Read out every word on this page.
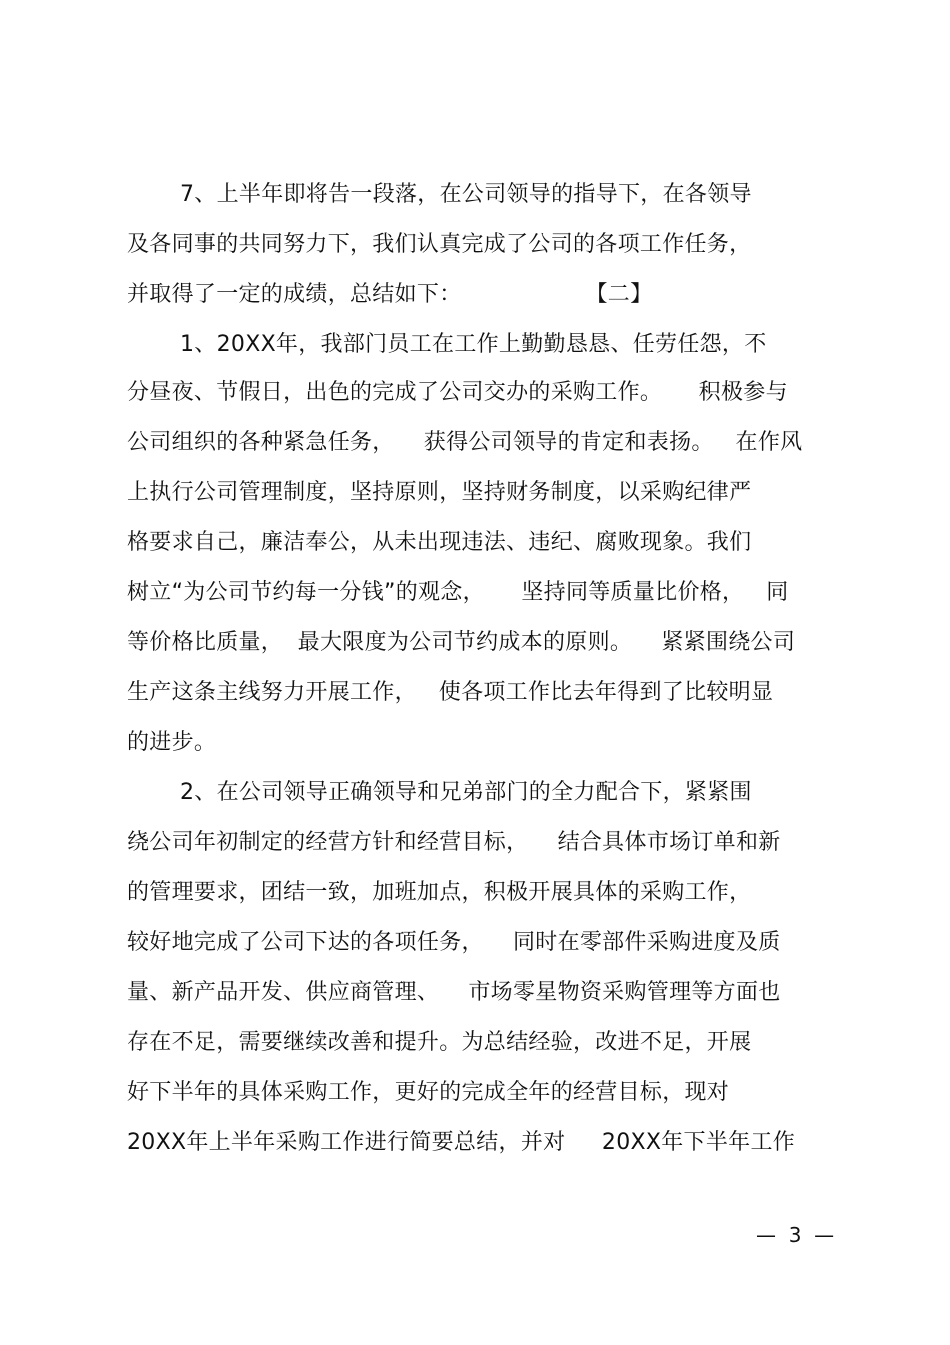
7、上半年即将告一段落，在公司领导的指导下，在各领导
及各同事的共同努力下，我们认真完成了公司的各项工作任务，
并取得了一定的成绩，总结如下：                 【二】
1、20XX年，我部门员工在工作上勤勤恳恳、任劳任怨，不
分昼夜、节假日，出色的完成了公司交办的采购工作。     积极参与
公司组织的各种紧急任务，    获得公司领导的肯定和表扬。   在作风
上执行公司管理制度，坚持原则，坚持财务制度，以采购纪律严
格要求自己，廉洁奉公，从未出现违法、违纪、腐败现象。我们
树立“为公司节约每一分钱”的观念，     坚持同等质量比价格，   同
等价格比质量，  最大限度为公司节约成本的原则。    紧紧围绕公司
生产这条主线努力开展工作，   使各项工作比去年得到了比较明显
的进步。
2、在公司领导正确领导和兄弟部门的全力配合下，紧紧围
绕公司年初制定的经营方针和经营目标，    结合具体市场订单和新
的管理要求，团结一致，加班加点，积极开展具体的采购工作，
较好地完成了公司下达的各项任务，    同时在零部件采购进度及质
量、新产品开发、供应商管理、    市场零星物资采购管理等方面也
存在不足，需要继续改善和提升。为总结经验，改进不足，开展
好下半年的具体采购工作，更好的完成全年的经营目标，现对
20XX年上半年采购工作进行简要总结，并对     20XX年下半年工作
—  3  —
